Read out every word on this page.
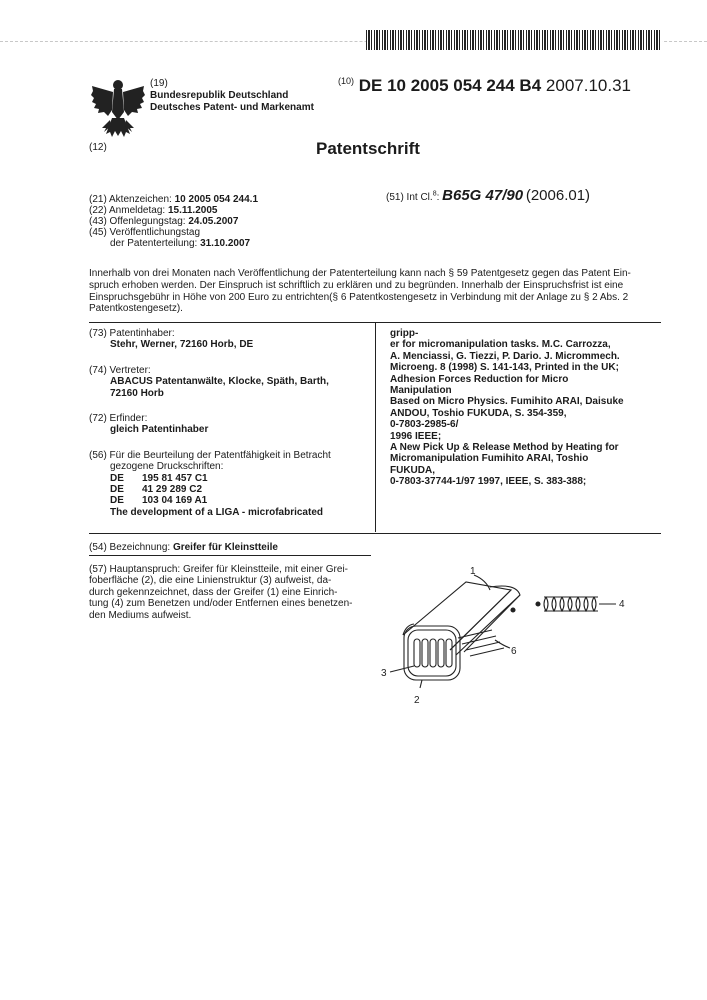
(19)
Bundesrepublik Deutschland
Deutsches Patent- und Markenamt
$^{(10)}$ DE 10 2005 054 244 B4 2007.10.31
(12)	Patentschrift
(21) Aktenzeichen: 10 2005 054 244.1
(22) Anmeldetag: 15.11.2005
(43) Offenlegungstag: 24.05.2007
(45) Veröffentlichungstag
der Patenterteilung: 31.10.2007
(51) Int Cl.$^8$: B65G 47/90 (2006.01)
Innerhalb von drei Monaten nach Veröffentlichung der Patenterteilung kann nach § 59 Patentgesetz gegen das Patent Ein-
spruch erhoben werden. Der Einspruch ist schriftlich zu erklären und zu begründen. Innerhalb der Einspruchsfrist ist eine
Einspruchsgebühr in Höhe von 200 Euro zu entrichten(§ 6 Patentkostengesetz in Verbindung mit der Anlage zu § 2 Abs. 2
Patentkostengesetz).
(73) Patentinhaber:
Stehr, Werner, 72160 Horb, DE
(74) Vertreter:
ABACUS Patentanwälte, Klocke, Späth, Barth,
72160 Horb
(72) Erfinder:
gleich Patentinhaber
(56) Für die Beurteilung der Patentfähigkeit in Betracht
gezogene Druckschriften:
DE 195 81 457 C1
DE 41 29 289 C2
DE 103 04 169 A1
The development of a LIGA - microfabricated
gripp-
er for micromanipulation tasks. M.C. Carrozza,
A. Menciassi, G. Tiezzi, P. Dario. J. Micrommech.
Microeng. 8 (1998) S. 141-143, Printed in the UK;
Adhesion Forces Reduction for Micro
Manipulation
Based on Micro Physics. Fumihito ARAI, Daisuke
ANDOU, Toshio FUKUDA, S. 354-359,
0-7803-2985-6/
1996 IEEE;
A New Pick Up & Release Method by Heating for
Micromanipulation Fumihito ARAI, Toshio
FUKUDA,
0-7803-37744-1/97 1997, IEEE, S. 383-388;
(54) Bezeichnung: Greifer für Kleinstteile
(57) Hauptanspruch: Greifer für Kleinstteile, mit einer Grei-
foberfläche (2), die eine Linienstruktur (3) aufweist, da-
durch gekennzeichnet, dass der Greifer (1) eine Einrich-
tung (4) zum Benetzen und/oder Entfernen eines benetzen-
den Mediums aufweist.
1
4
6
3
2
